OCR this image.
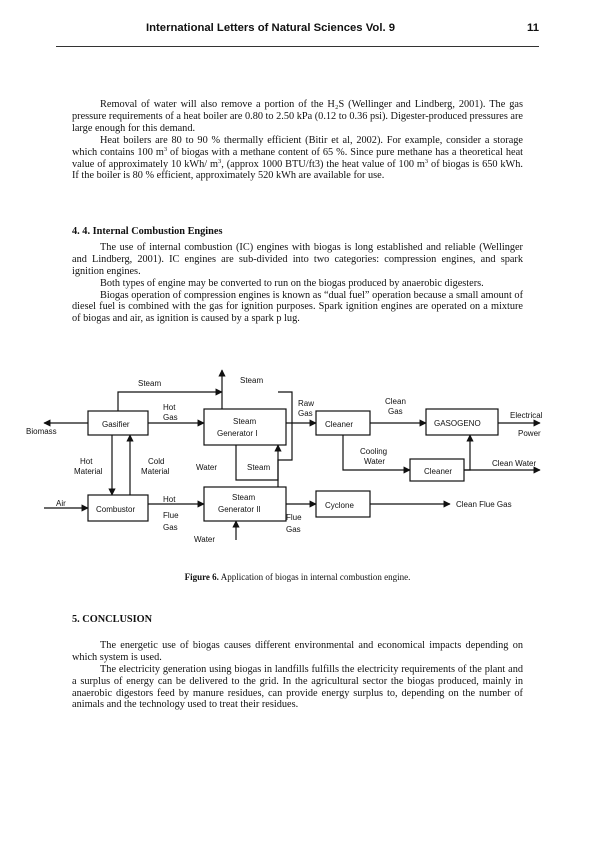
International Letters of Natural Sciences Vol. 9	11

Removal of water will also remove a portion of the H₂S (Wellinger and Lindberg, 2001). The gas pressure requirements of a heat boiler are 0.80 to 2.50 kPa (0.12 to 0.36 psi). Digester-produced pressures are large enough for this demand.

Heat boilers are 80 to 90 % thermally efficient (Bitir et al, 2002). For example, consider a storage which contains 100 $m^3$ of biogas with a methane content of 65 %. Since pure methane has a theoretical heat value of approximately 10 kWh/ $m^3$, (approx 1000 BTU/ft3) the heat value of 100 $m^3$ of biogas is 650 kWh. If the boiler is 80 % efficient, approximately 520 kWh are available for use.

4. 4. Internal Combustion Engines

The use of internal combustion (IC) engines with biogas is long established and reliable (Wellinger and Lindberg, 2001). IC engines are sub-divided into two categories: compression engines, and spark ignition engines.

Both types of engine may be converted to run on the biogas produced by anaerobic digesters.

Biogas operation of compression engines is known as “dual fuel” operation because a small amount of diesel fuel is combined with the gas for ignition purposes. Spark ignition engines are operated on a mixture of biogas and air, as ignition is caused by a spark p lug.

Steam	Steam
Hot
Gas
Raw
Gas
Clean
Gas	Electrical
Power
Biomass
Gasifier	Steam
Generator I
Cleaner	GASOGENO
Hot
Material
Cold
Material	Water	Steam
Cooling
Water
Cleaner
Clean Water
Air
Combustor
Hot
Flue
Gas
Steam
Generator II
Flue
Gas
Cyclone	Clean Flue Gas
Water
Figure 6. Application of biogas in internal combustion engine.

5. CONCLUSION

The energetic use of biogas causes different environmental and economical impacts depending on which system is used.

The electricity generation using biogas in landfills fulfills the electricity requirements of the plant and a surplus of energy can be delivered to the grid. In the agricultural sector the biogas produced, mainly in anaerobic digestors feed by manure residues, can provide energy surplus to, depending on the number of animals and the technology used to treat their residues.
